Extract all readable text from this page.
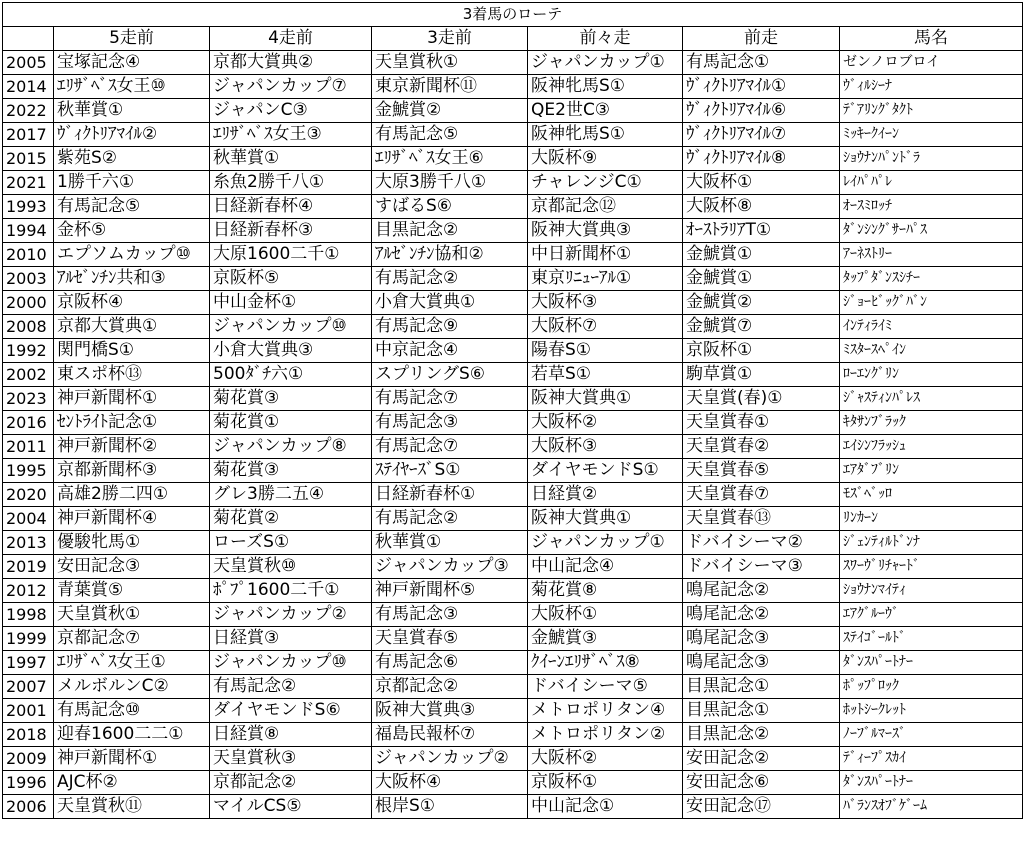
3着馬のローテ						
	5走前	4走前	3走前	前々走	前走	馬名
2005	宝塚記念④	京都大賞典②	天皇賞秋①	ジャパンカップ①	有馬記念①	ゼンノロブロイ
2014	ｴﾘｻﾞﾍﾞｽ女王⑩	ジャパンカップ⑦	東京新聞杯⑪	阪神牝馬S①	ｳﾞｨｸﾄﾘｱﾏｲﾙ①	ｳﾞｨﾙｼｰﾅ
2022	秋華賞①	ジャパンC③	金鯱賞②	QE2世C③	ｳﾞｨｸﾄﾘｱﾏｲﾙ⑥	ﾃﾞｱﾘﾝｸﾞﾀｸﾄ
2017	ｳﾞｨｸﾄﾘｱﾏｲﾙ②	ｴﾘｻﾞﾍﾞｽ女王③	有馬記念⑤	阪神牝馬S①	ｳﾞｨｸﾄﾘｱﾏｲﾙ⑦	ﾐｯｷｰｸｲｰﾝ
2015	紫苑S②	秋華賞①	ｴﾘｻﾞﾍﾞｽ女王⑥	大阪杯⑨	ｳﾞｨｸﾄﾘｱﾏｲﾙ⑧	ｼｮｳﾅﾝﾊﾟﾝﾄﾞﾗ
2021	1勝千六①	糸魚2勝千八①	大原3勝千八①	チャレンジC①	大阪杯①	ﾚｲﾊﾟﾊﾟﾚ
1993	有馬記念⑤	日経新春杯④	すばるS⑥	京都記念⑫	大阪杯⑧	ｵｰｽﾐﾛｯﾁ
1994	金杯⑤	日経新春杯③	目黒記念②	阪神大賞典③	ｵｰｽﾄﾗﾘｱT①	ﾀﾞﾝｼﾝｸﾞｻｰﾊﾟｽ
2010	エプソムカップ⑩	大原1600二千①	ｱﾙｾﾞﾝﾁﾝ協和②	中日新聞杯①	金鯱賞①	ｱｰﾈｽﾄﾘｰ
2003	ｱﾙｾﾞﾝﾁﾝ共和③	京阪杯⑤	有馬記念②	東京ﾘﾆｭｰｱﾙ①	金鯱賞①	ﾀｯﾌﾟﾀﾞﾝｽｼﾁｰ
2000	京阪杯④	中山金杯①	小倉大賞典①	大阪杯③	金鯱賞②	ｼﾞｮｰﾋﾞｯｸﾞﾊﾞﾝ
2008	京都大賞典①	ジャパンカップ⑩	有馬記念⑨	大阪杯⑦	金鯱賞⑦	ｲﾝﾃｨﾗｲﾐ
1992	関門橋S①	小倉大賞典③	中京記念④	陽春S①	京阪杯①	ﾐｽﾀｰｽﾍﾟｲﾝ
2002	東スポ杯⑬	500ﾀﾞﾁ六①	スプリングS⑥	若草S①	駒草賞①	ﾛｰｴﾝｸﾞﾘﾝ
2023	神戸新聞杯①	菊花賞③	有馬記念⑦	阪神大賞典①	天皇賞(春)①	ｼﾞｬｽﾃｨﾝﾊﾟﾚｽ
2016	ｾﾝﾄﾗｲﾄ記念①	菊花賞①	有馬記念③	大阪杯②	天皇賞春①	ｷﾀｻﾝﾌﾞﾗｯｸ
2011	神戸新聞杯②	ジャパンカップ⑧	有馬記念⑦	大阪杯③	天皇賞春②	ｴｲｼﾝﾌﾗｯｼｭ
1995	京都新聞杯③	菊花賞③	ｽﾃｲﾔｰｽﾞS①	ダイヤモンドS①	天皇賞春⑤	ｴｱﾀﾞﾌﾞﾘﾝ
2020	高雄2勝二四①	グレ3勝二五④	日経新春杯①	日経賞②	天皇賞春⑦	ﾓｽﾞﾍﾞｯﾛ
2004	神戸新聞杯④	菊花賞②	有馬記念②	阪神大賞典①	天皇賞春⑬	ﾘﾝｶｰﾝ
2013	優駿牝馬①	ローズS①	秋華賞①	ジャパンカップ①	ドバイシーマ②	ｼﾞｪﾝﾃｨﾙﾄﾞﾝﾅ
2019	安田記念③	天皇賞秋⑩	ジャパンカップ③	中山記念④	ドバイシーマ③	ｽﾜｰｳﾞﾘﾁｬｰﾄﾞ
2012	青葉賞⑤	ﾎﾟﾌﾟ1600二千①	神戸新聞杯⑤	菊花賞⑧	鳴尾記念②	ｼｮｳﾅﾝﾏｲﾃｨ
1998	天皇賞秋①	ジャパンカップ②	有馬記念③	大阪杯①	鳴尾記念②	ｴｱｸﾞﾙｰｳﾞ
1999	京都記念⑦	日経賞③	天皇賞春⑤	金鯱賞③	鳴尾記念③	ｽﾃｲｺﾞｰﾙﾄﾞ
1997	ｴﾘｻﾞﾍﾞｽ女王①	ジャパンカップ⑩	有馬記念⑥	ｸｲｰﾝｴﾘｻﾞﾍﾞｽ⑧	鳴尾記念③	ﾀﾞﾝｽﾊﾟｰﾄﾅｰ
2007	メルボルンC②	有馬記念②	京都記念②	ドバイシーマ⑤	目黒記念①	ﾎﾟｯﾌﾟﾛｯｸ
2001	有馬記念⑩	ダイヤモンドS⑥	阪神大賞典③	メトロポリタン④	目黒記念①	ﾎｯﾄｼｰｸﾚｯﾄ
2018	迎春1600二二①	日経賞⑧	福島民報杯⑦	メトロポリタン②	目黒記念②	ﾉｰﾌﾞﾙﾏｰｽﾞ
2009	神戸新聞杯①	天皇賞秋③	ジャパンカップ②	大阪杯②	安田記念②	ﾃﾞｨｰﾌﾟｽｶｲ
1996	AJC杯②	京都記念②	大阪杯④	京阪杯①	安田記念⑥	ﾀﾞﾝｽﾊﾟｰﾄﾅｰ
2006	天皇賞秋⑪	マイルCS⑤	根岸S①	中山記念①	安田記念⑰	ﾊﾞﾗﾝｽｵﾌﾞｹﾞｰﾑ
